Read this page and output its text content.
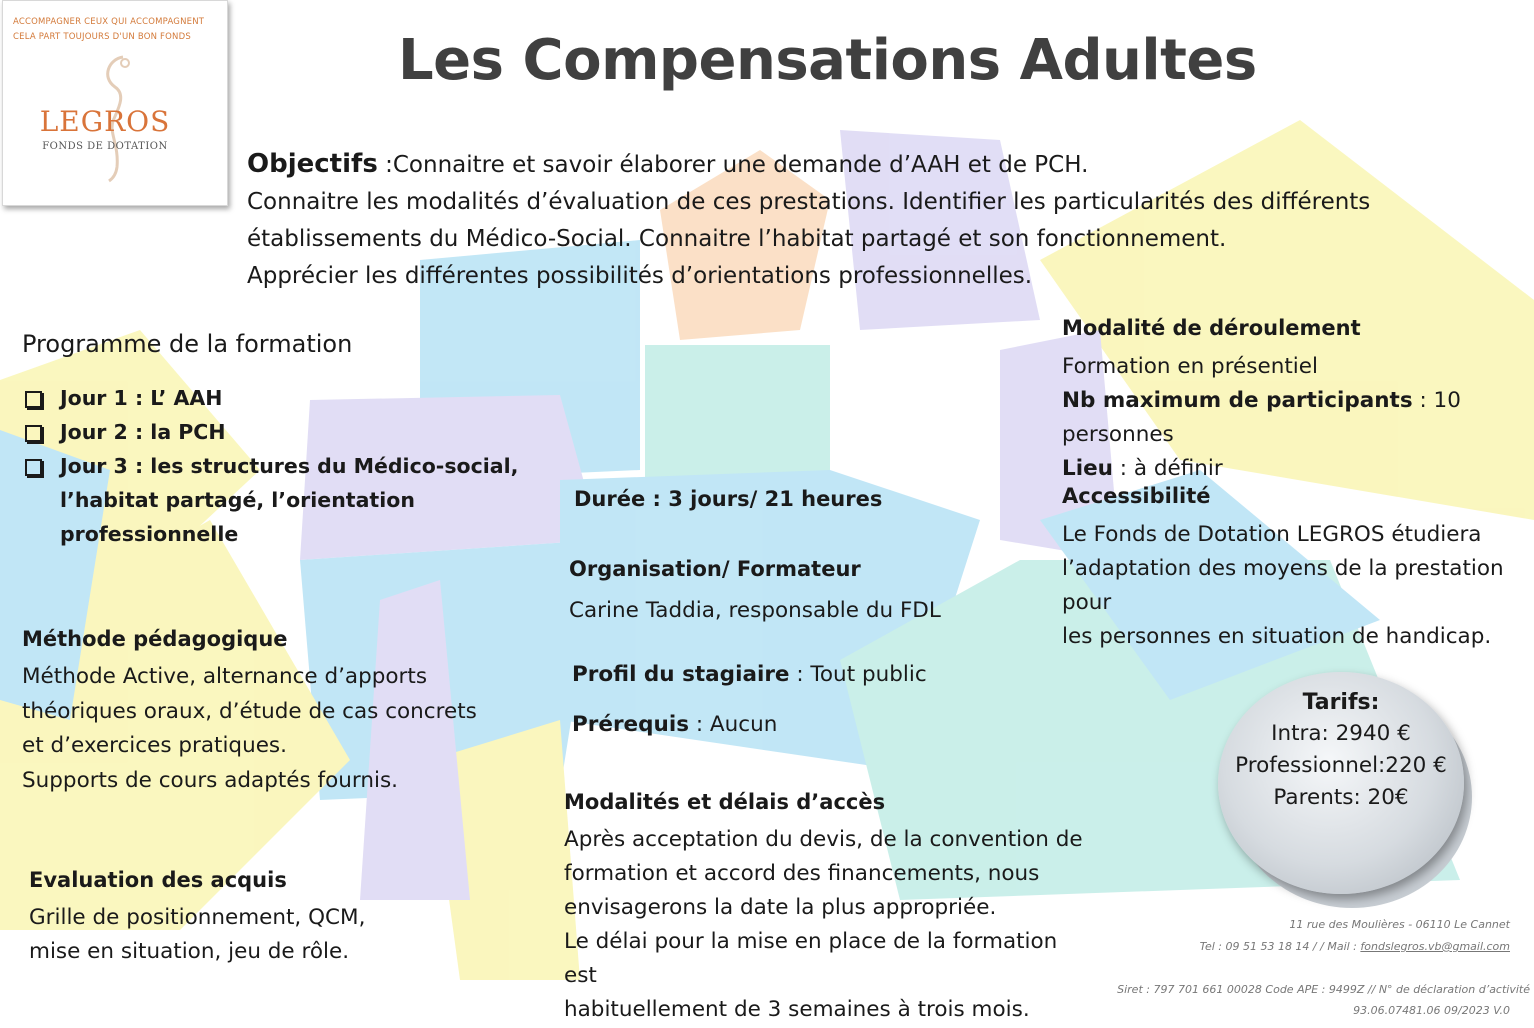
ACCOMPAGNER CEUX QUI ACCOMPAGNENT
CELA PART TOUJOURS D'UN BON FONDS
LEGROS
FONDS DE DOTATION
Les Compensations Adultes
Objectifs :Connaitre et savoir élaborer une demande d’AAH et de PCH.
Connaitre les modalités d’évaluation de ces prestations. Identifier les particularités des différents
établissements du Médico-Social. Connaitre l’habitat partagé et son fonctionnement.
Apprécier les différentes possibilités d’orientations professionnelles.
Programme de la formation
Jour 1 : L’ AAH
Jour 2 : la PCH
Jour 3 : les structures du Médico-social, l’habitat partagé, l’orientation professionnelle
Durée : 3 jours/ 21 heures
Organisation/ Formateur
Carine Taddia, responsable du FDL
Profil du stagiaire : Tout public
Prérequis : Aucun
Modalités et délais d’accès
Après acceptation du devis, de la convention de
formation et accord des financements, nous
envisagerons la date la plus appropriée.
Le délai pour la mise en place de la formation est
habituellement de 3 semaines à trois mois.
Méthode pédagogique
Méthode Active, alternance d’apports
théoriques oraux, d’étude de cas concrets
et d’exercices pratiques.
Supports de cours adaptés fournis.
Evaluation des acquis
Grille de positionnement, QCM,
mise en situation, jeu de rôle.
Modalité de déroulement
Formation en présentiel
Nb maximum de participants : 10 personnes
Lieu : à définir
Accessibilité
Le Fonds de Dotation LEGROS étudiera
l’adaptation des moyens de la prestation pour
les personnes en situation de handicap.
Tarifs:
Intra: 2940 €
Professionnel:220 €
Parents: 20€
11 rue des Moulières - 06110 Le Cannet
Tel : 09 51 53 18 14 / / Mail : fondslegros.vb@gmail.com
Siret : 797 701 661 00028 Code APE : 9499Z // N° de déclaration d’activité
93.06.07481.06 09/2023 V.0
